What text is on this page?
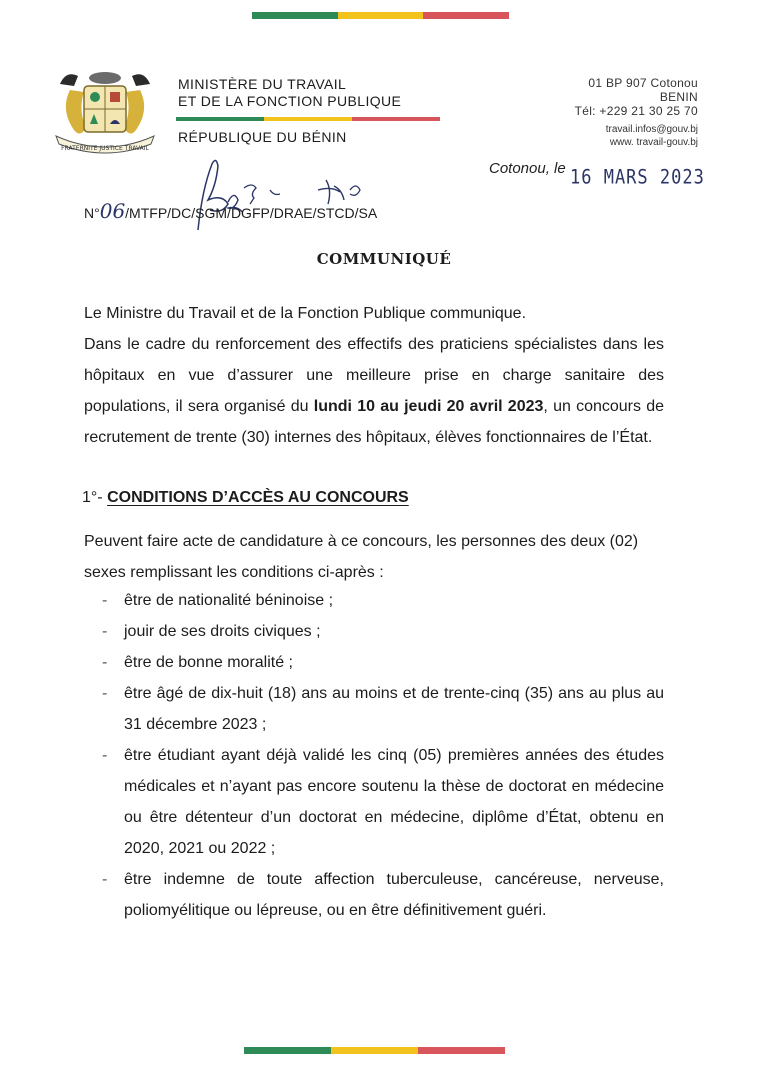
FRATERNITE JUSTICE TRAVAIL
MINISTÈRE DU TRAVAIL
ET DE LA FONCTION PUBLIQUE
RÉPUBLIQUE DU BÉNIN
01 BP 907 Cotonou
BENIN
Tél: +229 21 30 25 70
travail.infos@gouv.bj
www. travail-gouv.bj
Cotonou, le 16 MARS 2023
N°06/MTFP/DC/SGM/DGFP/DRAE/STCD/SA
COMMUNIQUÉ
Le Ministre du Travail et de la Fonction Publique communique.
Dans le cadre du renforcement des effectifs des praticiens spécialistes dans les hôpitaux en vue d’assurer une meilleure prise en charge sanitaire des populations, il sera organisé du lundi 10 au jeudi 20 avril 2023, un concours de recrutement de trente (30) internes des hôpitaux, élèves fonctionnaires de l’État.
1°- CONDITIONS D’ACCÈS AU CONCOURS
Peuvent faire acte de candidature à ce concours, les personnes des deux (02) sexes remplissant les conditions ci-après :
- être de nationalité béninoise ;
- jouir de ses droits civiques ;
- être de bonne moralité ;
- être âgé de dix-huit (18) ans au moins et de trente-cinq (35) ans au plus au 31 décembre 2023 ;
- être étudiant ayant déjà validé les cinq (05) premières années des études médicales et n’ayant pas encore soutenu la thèse de doctorat en médecine ou être détenteur d’un doctorat en médecine, diplôme d’État, obtenu en 2020, 2021 ou 2022 ;
- être indemne de toute affection tuberculeuse, cancéreuse, nerveuse, poliomyélitique ou lépreuse, ou en être définitivement guéri.
